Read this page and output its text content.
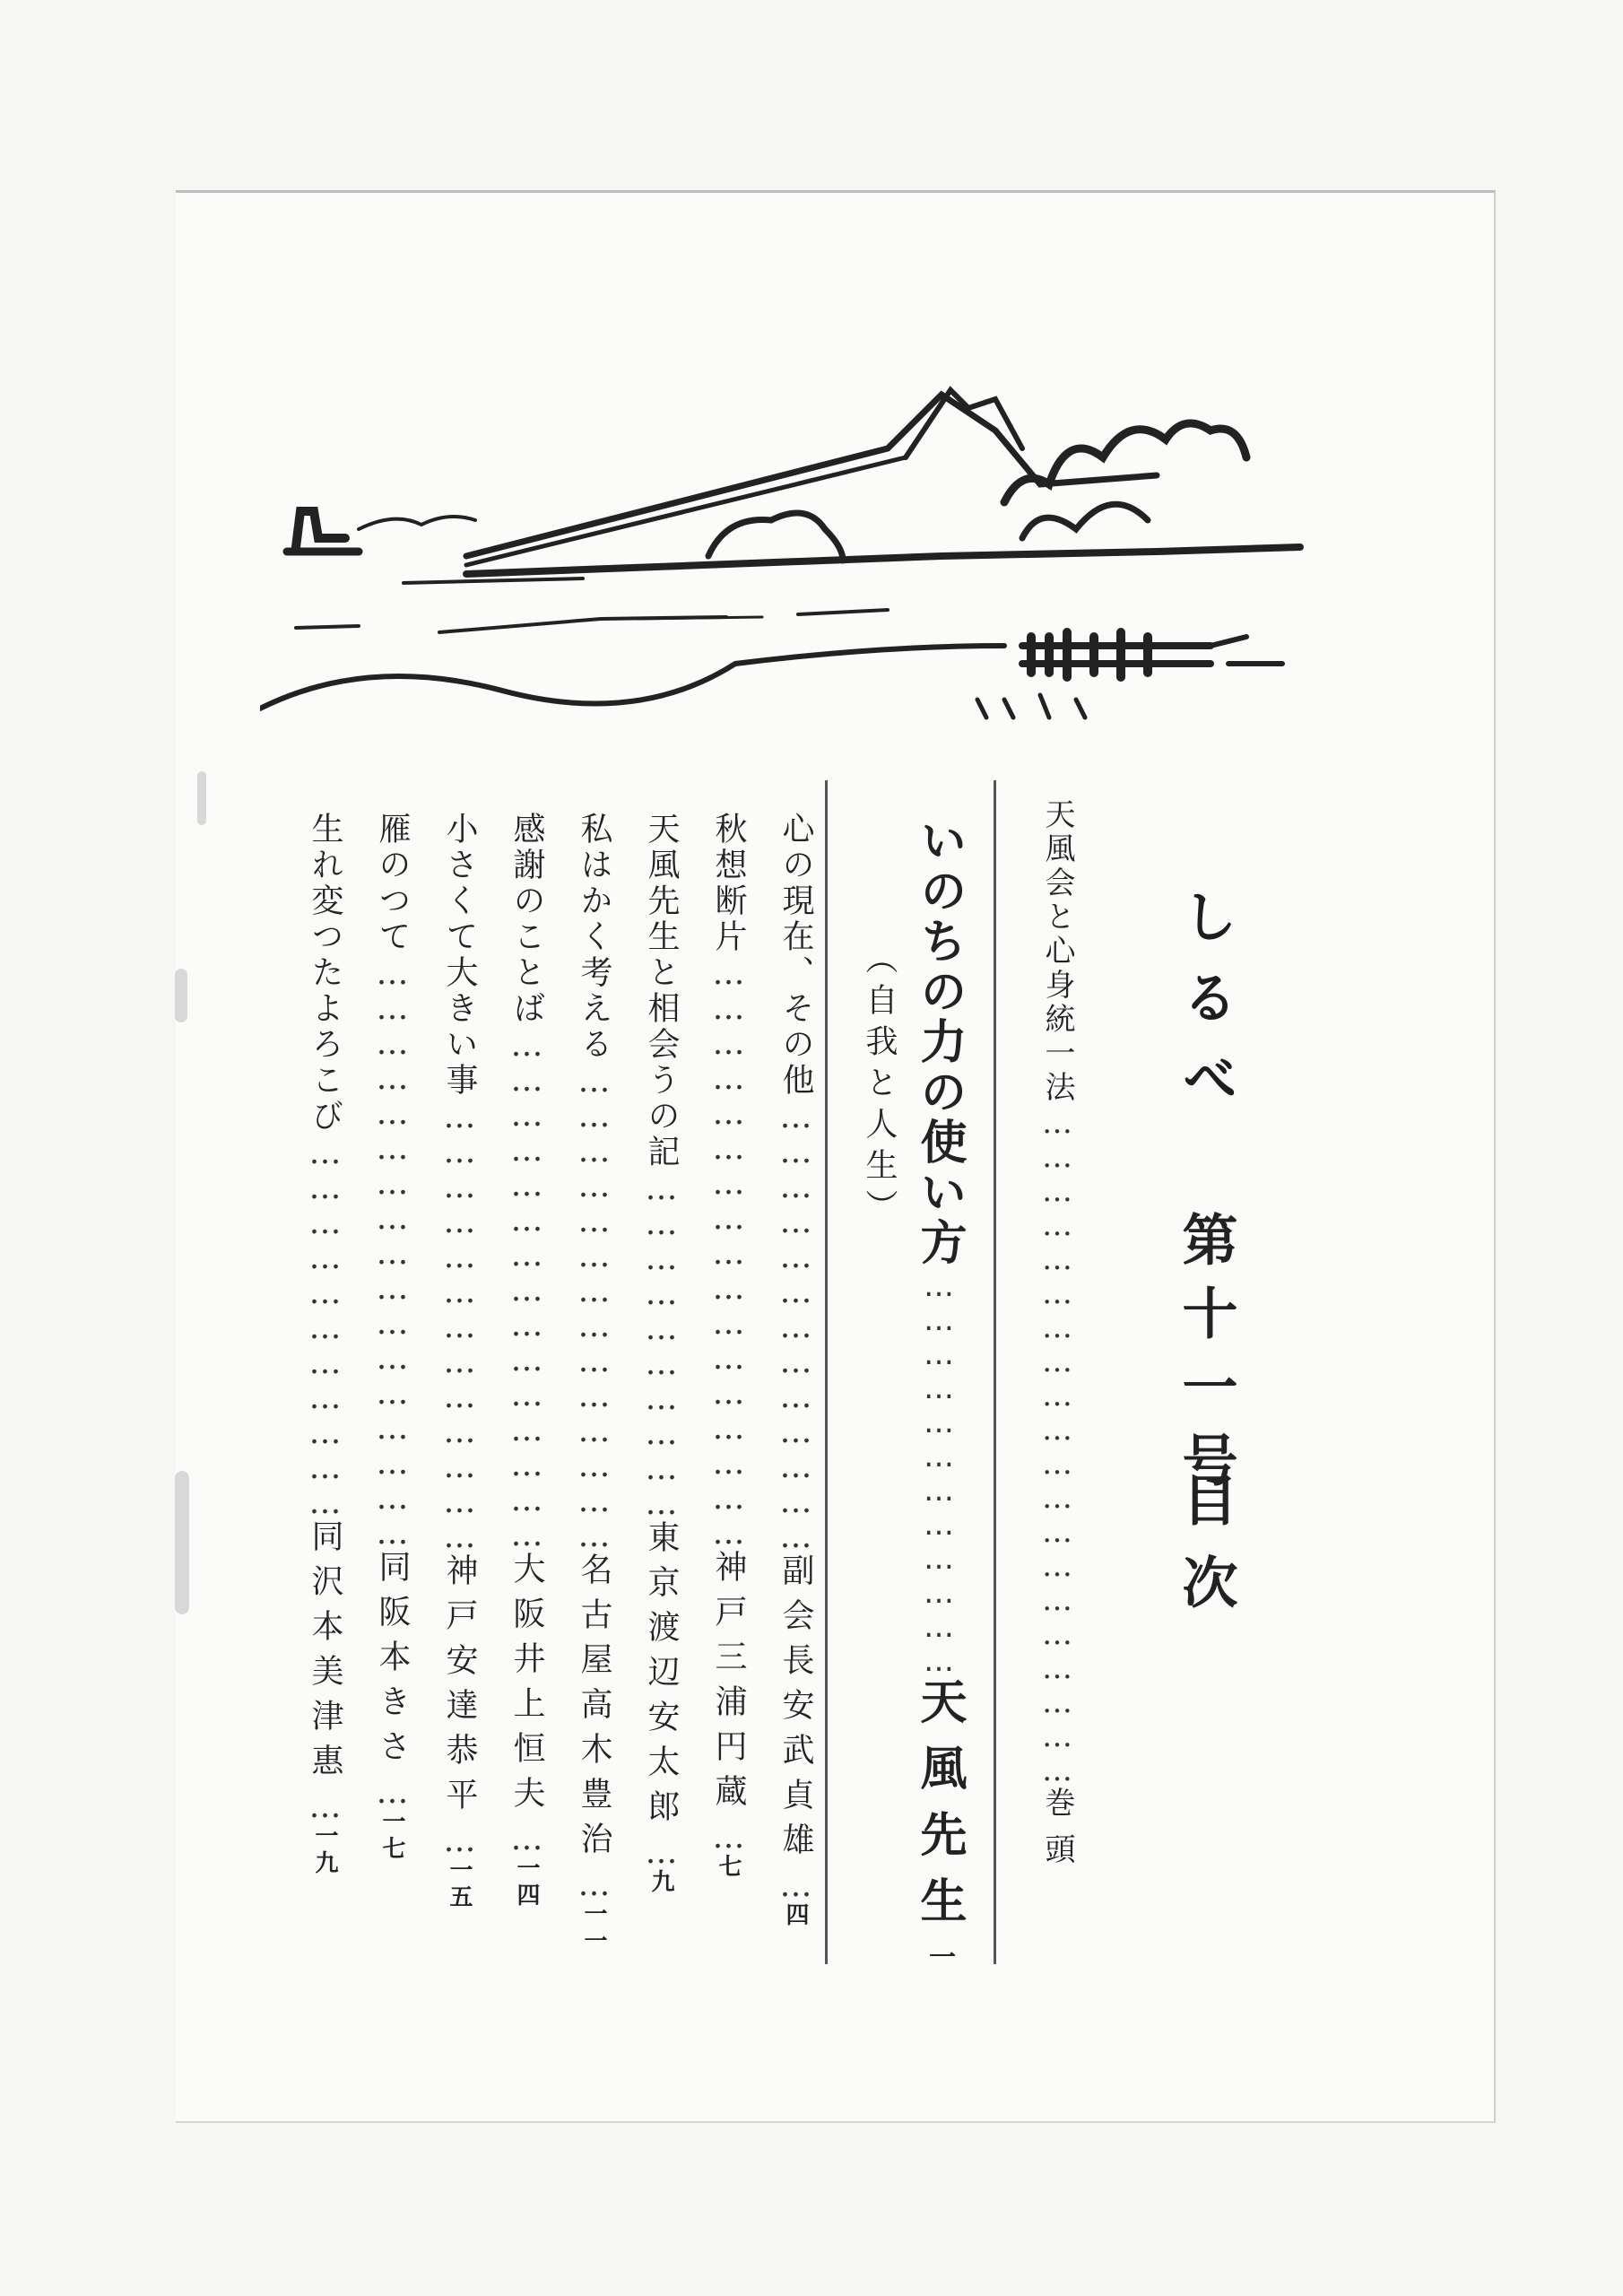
しるべ
第十一号
目次
天風会と心身統一法……………………………………………………巻頭
いのちの力の使い方………………………………天風先生一
（自我と人生）
心の現在、その他…………………………………副会長安武貞雄…四
秋想断片……………………………………………神戸三浦円蔵…七
天風先生と相会うの記…………………………東京渡辺安太郎…九
私はかく考える……………………………………名古屋高木豊治…一一
感謝のことば………………………………………大阪井上恒夫…一四
小さくて大きい事…………………………………神戸安達恭平…一五
雁のつて……………………………………………同阪本きさ…一七
生れ変つたよろこび……………………………同沢本美津惠…一九
